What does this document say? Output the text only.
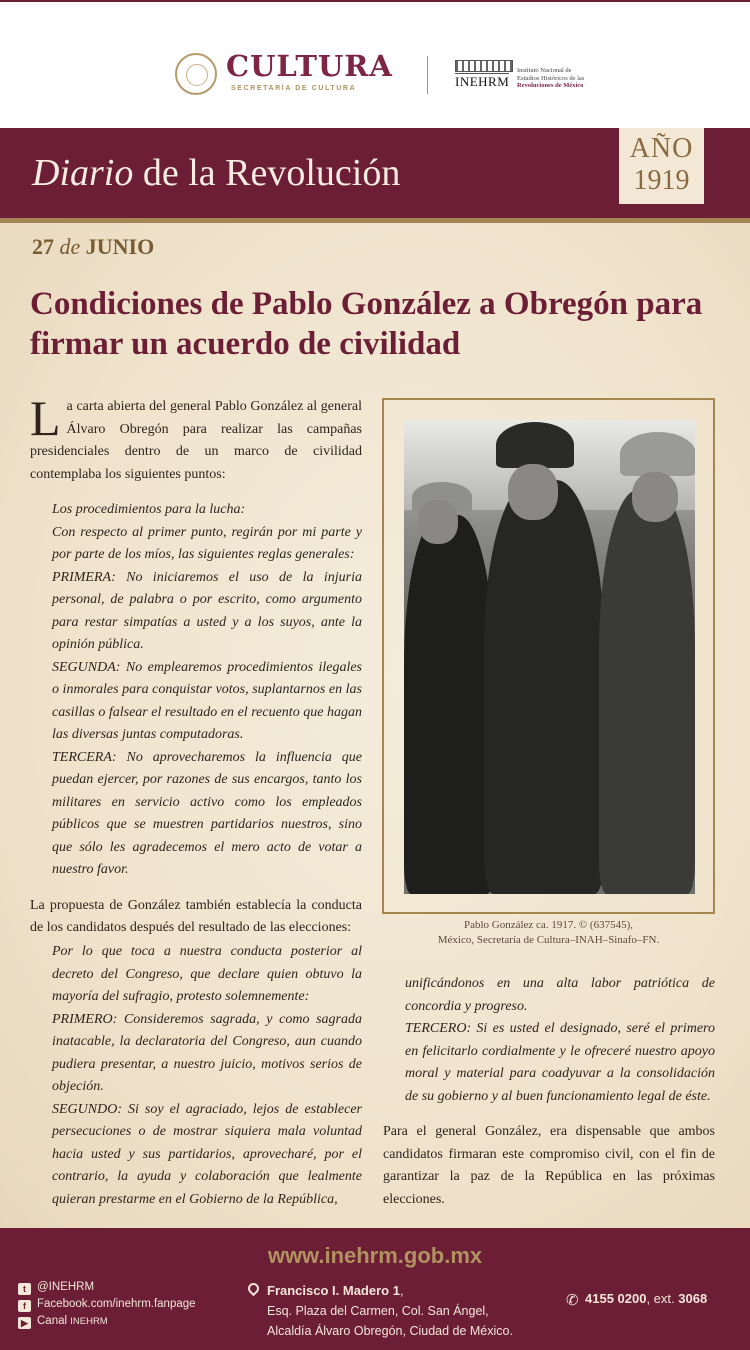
CULTURA
SECRETARÍA DE CULTURA	INEHRM
Instituto Nacional de
Estudios Históricos de las
Revoluciones de México
Diario de la Revolución
AÑO
1919
27 de JUNIO
Condiciones de Pablo González a Obregón para firmar un acuerdo de civilidad

La carta abierta del general Pablo González al general Álvaro Obregón para realizar las campañas presidenciales dentro de un marco de civilidad contemplaba los siguientes puntos:

Los procedimientos para la lucha:

Con respecto al primer punto, regirán por mi parte y por parte de los míos, las siguientes reglas generales:

PRIMERA: No iniciaremos el uso de la injuria personal, de palabra o por escrito, como argumento para restar simpatías a usted y a los suyos, ante la opinión pública.

SEGUNDA: No emplearemos procedimientos ilegales o inmorales para conquistar votos, suplantarnos en las casillas o falsear el resultado en el recuento que hagan las diversas juntas computadoras.

TERCERA: No aprovecharemos la influencia que puedan ejercer, por razones de sus encargos, tanto los militares en servicio activo como los empleados públicos que se muestren partidarios nuestros, sino que sólo les agradecemos el mero acto de votar a nuestro favor.

La propuesta de González también establecía la conducta de los candidatos después del resultado de las elecciones:

Por lo que toca a nuestra conducta posterior al decreto del Congreso, que declare quien obtuvo la mayoría del sufragio, protesto solemnemente:

PRIMERO: Consideremos sagrada, y como sagrada inatacable, la declaratoria del Congreso, aun cuando pudiera presentar, a nuestro juicio, motivos serios de objeción.

SEGUNDO: Si soy el agraciado, lejos de establecer persecuciones o de mostrar siquiera mala voluntad hacia usted y sus partidarios, aprovecharé, por el contrario, la ayuda y colaboración que lealmente quieran prestarme en el Gobierno de la República,

Pablo González ca. 1917. © (637545),
México, Secretaría de Cultura–INAH–Sinafo–FN.

unificándonos en una alta labor patriótica de concordia y progreso.

TERCERO: Si es usted el designado, seré el primero en felicitarlo cordialmente y le ofreceré nuestro apoyo moral y material para coadyuvar a la consolidación de su gobierno y al buen funcionamiento legal de éste.

Para el general González, era dispensable que ambos candidatos firmaran este compromiso civil, con el fin de garantizar la paz de la República en las próximas elecciones.

www.inehrm.gob.mx
t @INEHRM
f Facebook.com/inehrm.fanpage
▶ Canal INEHRM
Francisco I. Madero 1,
Esq. Plaza del Carmen, Col. San Ángel,
Alcaldía Álvaro Obregón, Ciudad de México.
✆ 4155 0200, ext. 3068
